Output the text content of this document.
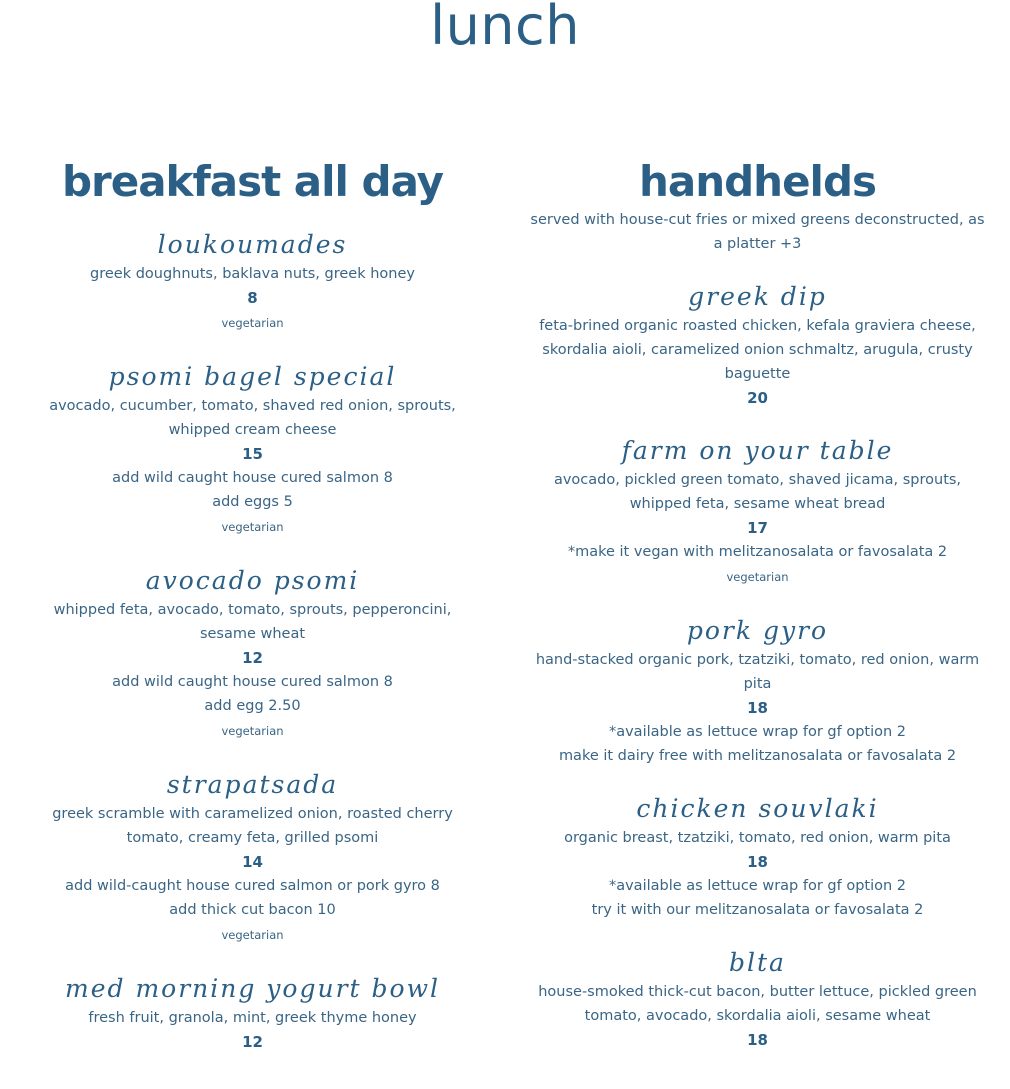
lunch
breakfast all day
loukoumades

greek doughnuts, baklava nuts, greek honey

8

vegetarian

psomi bagel special

avocado, cucumber, tomato, shaved red onion, sprouts, whipped cream cheese

15

add wild caught house cured salmon 8

add eggs 5

vegetarian

avocado psomi

whipped feta, avocado, tomato, sprouts, pepperoncini, sesame wheat

12

add wild caught house cured salmon 8

add egg 2.50

vegetarian

strapatsada

greek scramble with caramelized onion, roasted cherry tomato, creamy feta, grilled psomi

14

add wild-caught house cured salmon or pork gyro 8

add thick cut bacon 10

vegetarian

med morning yogurt bowl

fresh fruit, granola, mint, greek thyme honey

12

handhelds

served with house-cut fries or mixed greens deconstructed, as a platter +3

greek dip

feta-brined organic roasted chicken, kefala graviera cheese, skordalia aioli, caramelized onion schmaltz, arugula, crusty baguette

20

farm on your table

avocado, pickled green tomato, shaved jicama, sprouts, whipped feta, sesame wheat bread

17

*make it vegan with melitzanosalata or favosalata 2

vegetarian

pork gyro

hand-stacked organic pork, tzatziki, tomato, red onion, warm pita

18

*available as lettuce wrap for gf option 2

make it dairy free with melitzanosalata or favosalata 2

chicken souvlaki

organic breast, tzatziki, tomato, red onion, warm pita

18

*available as lettuce wrap for gf option 2

try it with our melitzanosalata or favosalata 2

blta

house-smoked thick-cut bacon, butter lettuce, pickled green tomato, avocado, skordalia aioli, sesame wheat

18
